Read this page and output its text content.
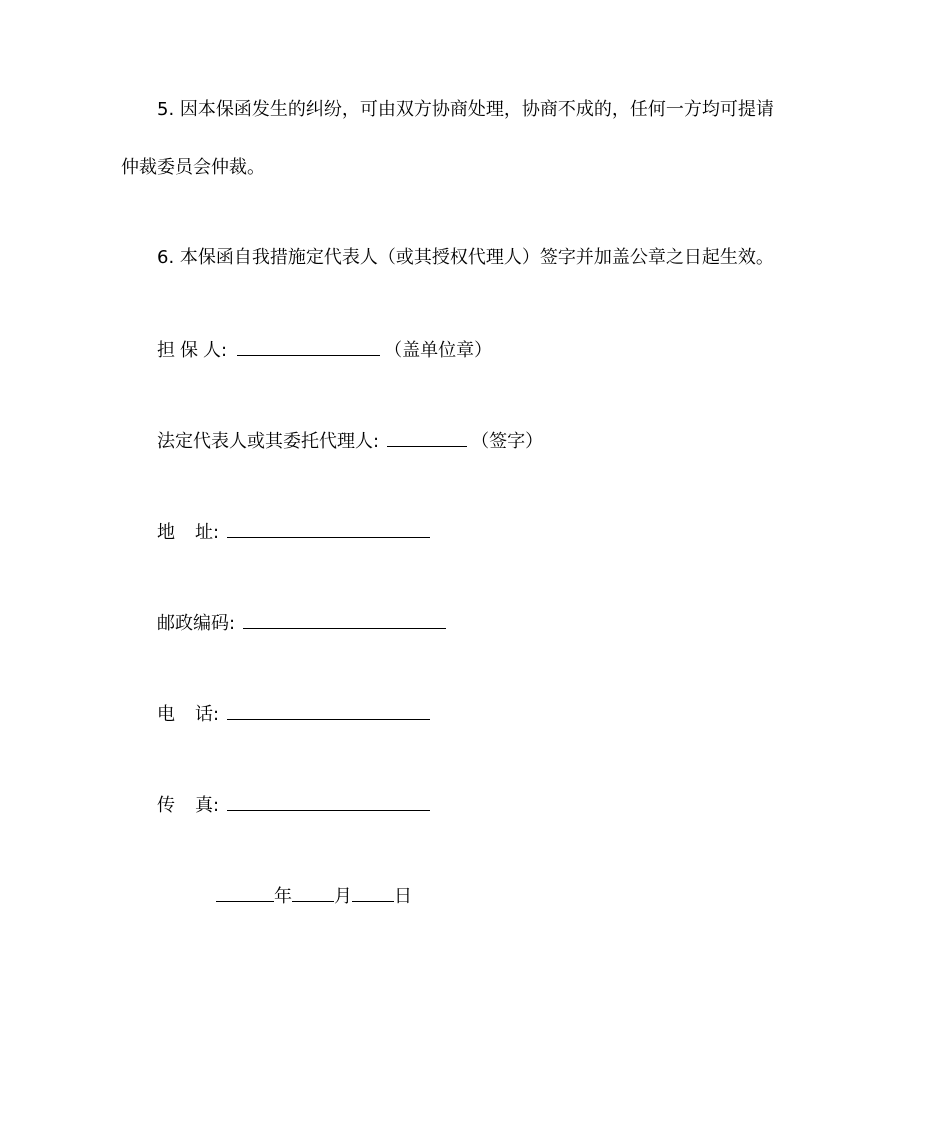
5. 因本保函发生的纠纷，可由双方协商处理，协商不成的，任何一方均可提请
仲裁委员会仲裁。
6. 本保函自我措施定代表人（或其授权代理人）签字并加盖公章之日起生效。
担 保 人:	（盖单位章）
法定代表人或其委托代理人:	（签字）
地 址:
邮政编码:
电 话:
传 真:
年 月 日
